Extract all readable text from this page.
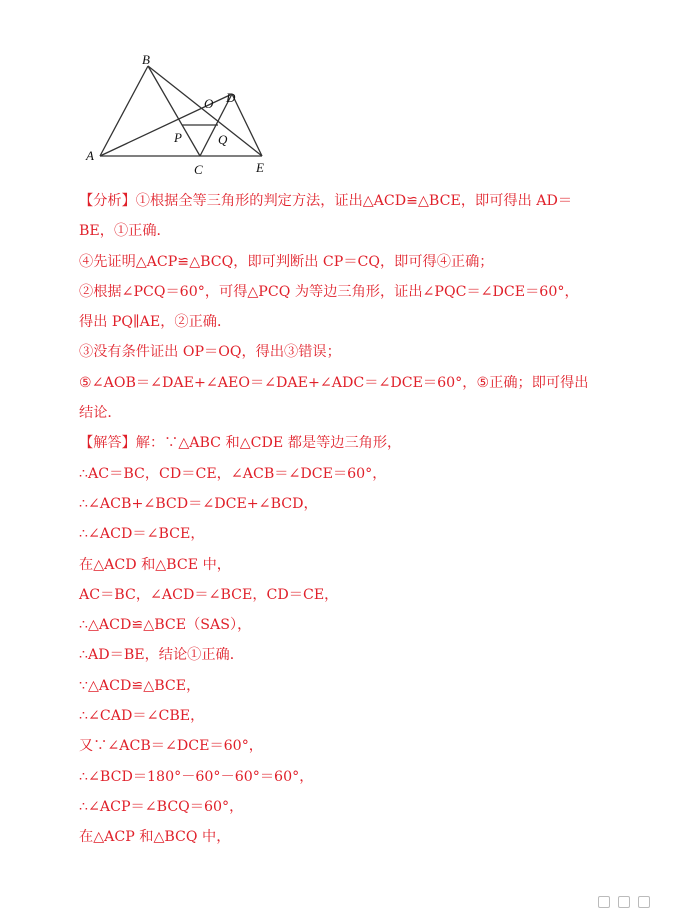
A
B
C
D
E
O
P	Q
【分析】①根据全等三角形的判定方法，证出△ACD≌△BCE，即可得出 AD＝
BE，①正确．
④先证明△ACP≌△BCQ，即可判断出 CP＝CQ，即可得④正确；
②根据∠PCQ＝60°，可得△PCQ 为等边三角形，证出∠PQC＝∠DCE＝60°，
得出 PQ∥AE，②正确．
③没有条件证出 OP＝OQ，得出③错误；
⑤∠AOB＝∠DAE+∠AEO＝∠DAE+∠ADC＝∠DCE＝60°，⑤正确；即可得出
结论．
【解答】解：∵△ABC 和△CDE 都是等边三角形，
∴AC＝BC，CD＝CE，∠ACB＝∠DCE＝60°，
∴∠ACB+∠BCD＝∠DCE+∠BCD，
∴∠ACD＝∠BCE，
在△ACD 和△BCE 中，
AC＝BC，∠ACD＝∠BCE，CD＝CE，
∴△ACD≌△BCE（SAS），
∴AD＝BE，结论①正确．
∵△ACD≌△BCE，
∴∠CAD＝∠CBE，
又∵∠ACB＝∠DCE＝60°，
∴∠BCD＝180°－60°－60°＝60°，
∴∠ACP＝∠BCQ＝60°，
在△ACP 和△BCQ 中，
